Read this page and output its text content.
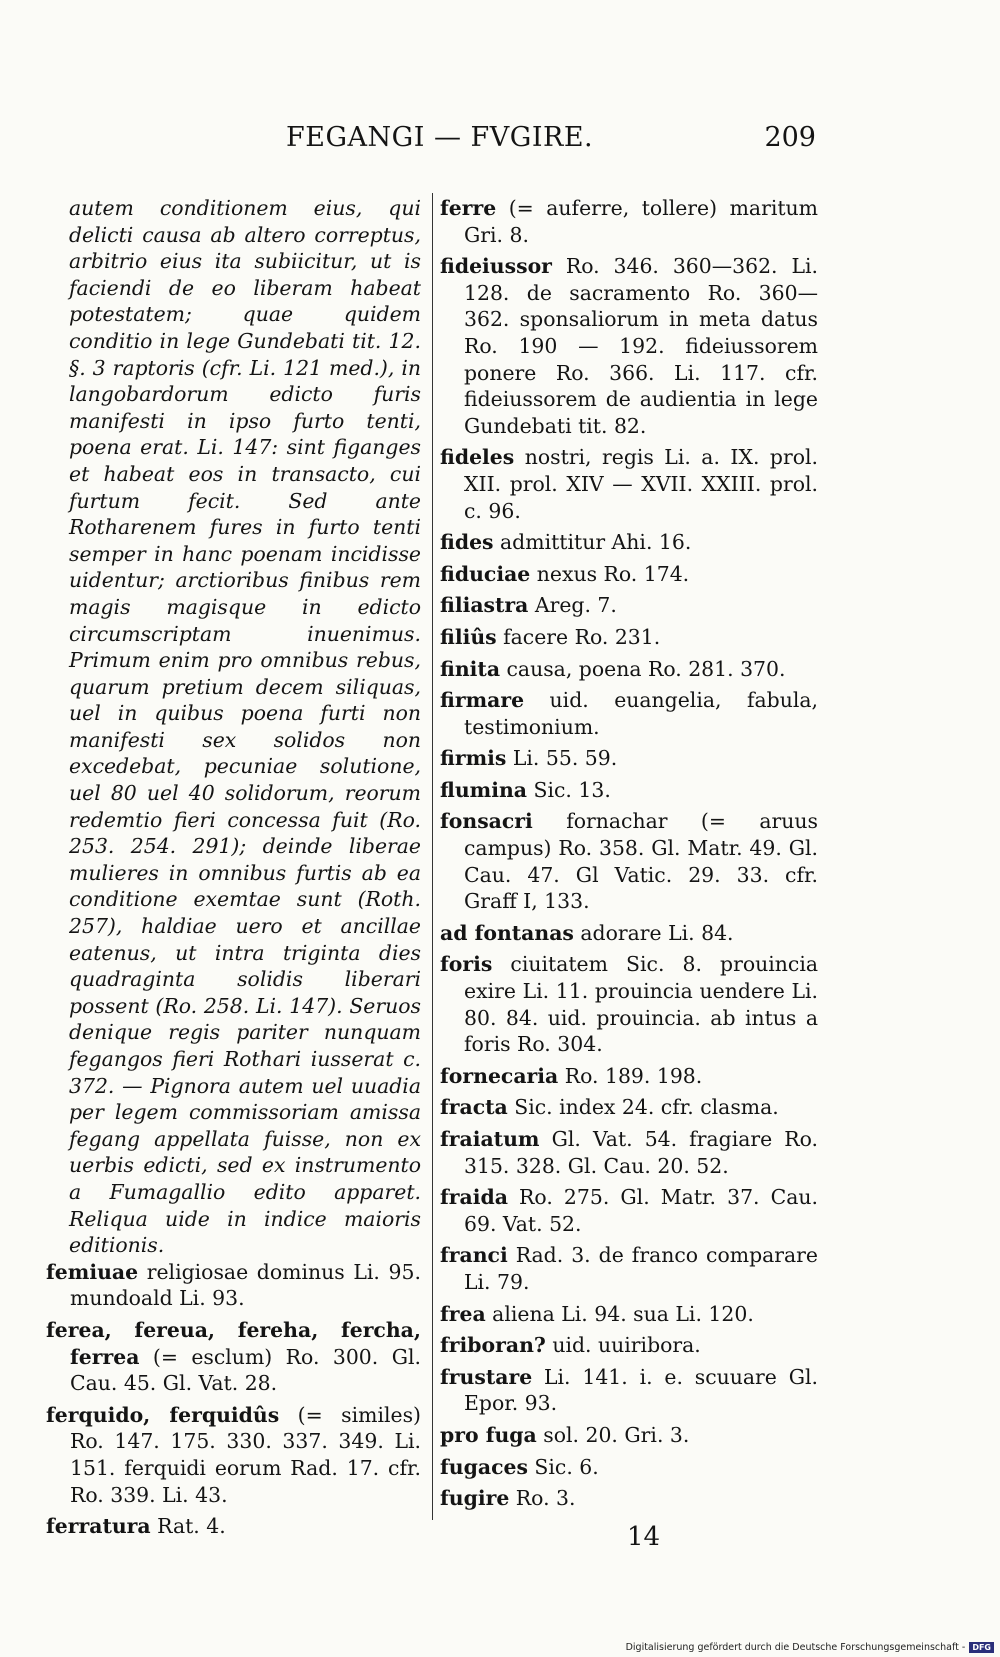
FEGANGI — FVGIRE.	209
autem conditionem eius, qui delicti causa ab altero correptus, arbitrio eius ita subiicitur, ut is faciendi de eo liberam habeat potestatem; quae quidem conditio in lege Gundebati tit. 12. §. 3 raptoris (cfr. Li. 121 med.), in langobardorum edicto furis manifesti in ipso furto tenti, poena erat. Li. 147: sint figanges et habeat eos in transacto, cui furtum fecit. Sed ante Rotharenem fures in furto tenti semper in hanc poenam incidisse uidentur; arctioribus finibus rem magis magisque in edicto circumscriptam inuenimus. Primum enim pro omnibus rebus, quarum pretium decem siliquas, uel in quibus poena furti non manifesti sex solidos non excedebat, pecuniae solutione, uel 80 uel 40 solidorum, reorum redemtio fieri concessa fuit (Ro. 253. 254. 291); deinde liberae mulieres in omnibus furtis ab ea conditione exemtae sunt (Roth. 257), haldiae uero et ancillae eatenus, ut intra triginta dies quadraginta solidis liberari possent (Ro. 258. Li. 147). Seruos denique regis pariter nunquam fegangos fieri Rothari iusserat c. 372. — Pignora autem uel uuadia per legem commissoriam amissa fegang appellata fuisse, non ex uerbis edicti, sed ex instrumento a Fumagallio edito apparet. Reliqua uide in indice maioris editionis.
femiuae religiosae dominus Li. 95. mundoald Li. 93.
ferea, fereua, fereha, fercha, ferrea (= esclum) Ro. 300. Gl. Cau. 45. Gl. Vat. 28.
ferquido, ferquidûs (= similes) Ro. 147. 175. 330. 337. 349. Li. 151. ferquidi eorum Rad. 17. cfr. Ro. 339. Li. 43.
ferratura Rat. 4.
ferre (= auferre, tollere) maritum Gri. 8.
fideiussor Ro. 346. 360—362. Li. 128. de sacramento Ro. 360—362. sponsaliorum in meta datus Ro. 190 — 192. fideiussorem ponere Ro. 366. Li. 117. cfr. fideiussorem de audientia in lege Gundebati tit. 82.
fideles nostri, regis Li. a. IX. prol. XII. prol. XIV — XVII. XXIII. prol. c. 96.
fides admittitur Ahi. 16.
fiduciae nexus Ro. 174.
filiastra Areg. 7.
filiûs facere Ro. 231.
finita causa, poena Ro. 281. 370.
firmare uid. euangelia, fabula, testimonium.
firmis Li. 55. 59.
flumina Sic. 13.
fonsacri fornachar (= aruus campus) Ro. 358. Gl. Matr. 49. Gl. Cau. 47. Gl Vatic. 29. 33. cfr. Graff I, 133.
ad fontanas adorare Li. 84.
foris ciuitatem Sic. 8. prouincia exire Li. 11. prouincia uendere Li. 80. 84. uid. prouincia. ab intus a foris Ro. 304.
fornecaria Ro. 189. 198.
fracta Sic. index 24. cfr. clasma.
fraiatum Gl. Vat. 54. fragiare Ro. 315. 328. Gl. Cau. 20. 52.
fraida Ro. 275. Gl. Matr. 37. Cau. 69. Vat. 52.
franci Rad. 3. de franco comparare Li. 79.
frea aliena Li. 94. sua Li. 120.
friboran? uid. uuiribora.
frustare Li. 141. i. e. scuuare Gl. Epor. 93.
pro fuga sol. 20. Gri. 3.
fugaces Sic. 6.
fugire Ro. 3.
14
Digitalisierung gefördert durch die Deutsche Forschungsgemeinschaft - DFG
